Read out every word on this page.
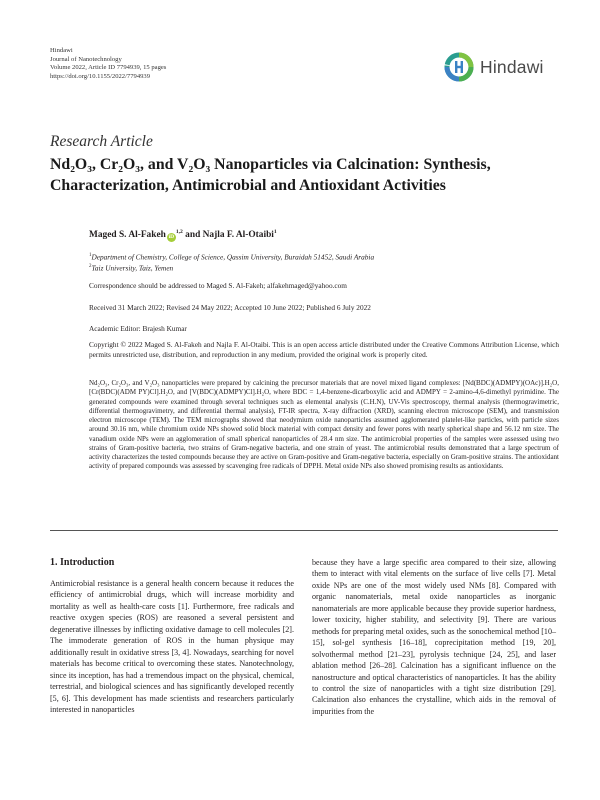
Hindawi
Journal of Nanotechnology
Volume 2022, Article ID 7794939, 15 pages
https://doi.org/10.1155/2022/7794939	Hindawi
Research Article
Nd₂O₃, Cr₂O₃, and V₂O₃ Nanoparticles via Calcination: Synthesis, Characterization, Antimicrobial and Antioxidant Activities
Maged S. Al-Fakeh iD$^{1,2}$ and Najla F. Al-Otaibi$^1$
$^1$Department of Chemistry, College of Science, Qassim University, Buraidah 51452, Saudi Arabia
$^2$Taiz University, Taiz, Yemen
Correspondence should be addressed to Maged S. Al-Fakeh; alfakehmaged@yahoo.com
Received 31 March 2022; Revised 24 May 2022; Accepted 10 June 2022; Published 6 July 2022
Academic Editor: Brajesh Kumar
Copyright © 2022 Maged S. Al-Fakeh and Najla F. Al-Otaibi. This is an open access article distributed under the Creative Commons Attribution License, which permits unrestricted use, distribution, and reproduction in any medium, provided the original work is properly cited.
Nd₂O₃, Cr₂O₃, and V₂O₃ nanoparticles were prepared by calcining the precursor materials that are novel mixed ligand complexes: [Nd(BDC)(ADMPY)(OAc)].H₂O, [Cr(BDC)(ADM PY)Cl].H₂O, and [V(BDC)(ADMPY)Cl].H₂O, where BDC = 1,4-benzene-dicarboxylic acid and ADMPY = 2-amino-4,6-dimethyl pyrimidine. The generated compounds were examined through several techniques such as elemental analysis (C.H.N), UV-Vis spectroscopy, thermal analysis (thermogravimetric, differential thermogravimetry, and differential thermal analysis), FT-IR spectra, X-ray diffraction (XRD), scanning electron microscope (SEM), and transmission electron microscope (TEM). The TEM micrographs showed that neodymium oxide nanoparticles assumed agglomerated platelet-like particles, with particle sizes around 30.16 nm, while chromium oxide NPs showed solid block material with compact density and fewer pores with nearly spherical shape and 56.12 nm size. The vanadium oxide NPs were an agglomeration of small spherical nanoparticles of 28.4 nm size. The antimicrobial properties of the samples were assessed using two strains of Gram-positive bacteria, two strains of Gram-negative bacteria, and one strain of yeast. The antimicrobial results demonstrated that a large spectrum of activity characterizes the tested compounds because they are active on Gram-positive and Gram-negative bacteria, especially on Gram-positive strains. The antioxidant activity of prepared compounds was assessed by scavenging free radicals of DPPH. Metal oxide NPs also showed promising results as antioxidants.
1. Introduction

Antimicrobial resistance is a general health concern because it reduces the efficiency of antimicrobial drugs, which will increase morbidity and mortality as well as health-care costs [1]. Furthermore, free radicals and reactive oxygen species (ROS) are reasoned a several persistent and degenerative illnesses by inflicting oxidative damage to cell molecules [2]. The immoderate generation of ROS in the human physique may additionally result in oxidative stress [3, 4]. Nowadays, searching for novel materials has become critical to overcoming these states. Nanotechnology, since its inception, has had a tremendous impact on the physical, chemical, terrestrial, and biological sciences and has significantly developed recently [5, 6]. This development has made scientists and researchers particularly interested in nanoparticles

because they have a large specific area compared to their size, allowing them to interact with vital elements on the surface of live cells [7]. Metal oxide NPs are one of the most widely used NMs [8]. Compared with organic nanomaterials, metal oxide nanoparticles as inorganic nanomaterials are more applicable because they provide superior hardness, lower toxicity, higher stability, and selectivity [9]. There are various methods for preparing metal oxides, such as the sonochemical method [10–15], sol-gel synthesis [16–18], coprecipitation method [19, 20], solvothermal method [21–23], pyrolysis technique [24, 25], and laser ablation method [26–28]. Calcination has a significant influence on the nanostructure and optical characteristics of nanoparticles. It has the ability to control the size of nanoparticles with a tight size distribution [29]. Calcination also enhances the crystalline, which aids in the removal of impurities from the
